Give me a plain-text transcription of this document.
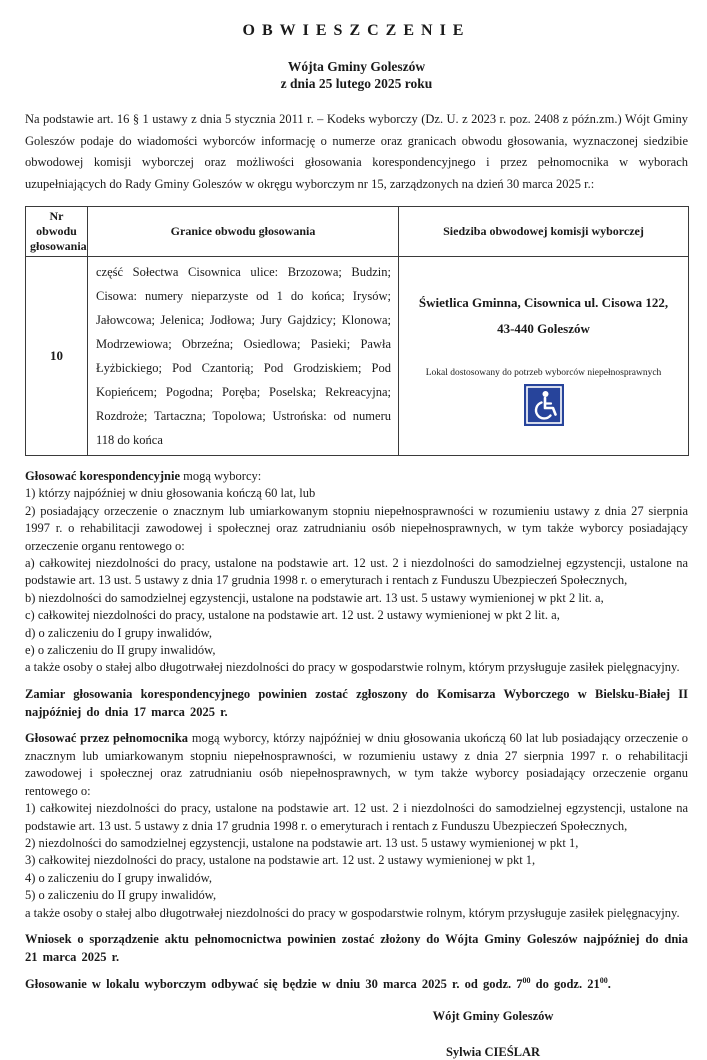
OBWIESZCZENIE
Wójta Gminy Goleszów
z dnia 25 lutego 2025 roku

Na podstawie art. 16 § 1 ustawy z dnia 5 stycznia 2011 r. – Kodeks wyborczy (Dz. U. z 2023 r. poz. 2408 z późn.zm.) Wójt Gminy Goleszów podaje do wiadomości wyborców informację o numerze oraz granicach obwodu głosowania, wyznaczonej siedzibie obwodowej komisji wyborczej oraz możliwości głosowania korespondencyjnego i przez pełnomocnika w wyborach uzupełniających do Rady Gminy Goleszów w okręgu wyborczym nr 15, zarządzonych na dzień 30 marca 2025 r.:

Nr obwodu głosowania	Granice obwodu głosowania	Siedziba obwodowej komisji wyborczej
10	część Sołectwa Cisownica ulice: Brzozowa; Budzin; Cisowa: numery nieparzyste od 1 do końca; Irysów; Jałowcowa; Jelenica; Jodłowa; Jury Gajdzicy; Klonowa; Modrzewiowa; Obrzeźna; Osiedlowa; Pasieki; Pawła Łyżbickiego; Pod Czantorią; Pod Grodziskiem; Pod Kopieńcem; Pogodna; Poręba; Poselska; Rekreacyjna; Rozdroże; Tartaczna; Topolowa; Ustrońska: od numeru 118 do końca	
Świetlica Gminna, Cisownica ul. Cisowa 122,
43-440 Goleszów
Lokal dostosowany do potrzeb wyborców niepełnosprawnych

Głosować korespondencyjnie mogą wyborcy:

1) którzy najpóźniej w dniu głosowania kończą 60 lat, lub

2) posiadający orzeczenie o znacznym lub umiarkowanym stopniu niepełnosprawności w rozumieniu ustawy z dnia 27 sierpnia 1997 r. o rehabilitacji zawodowej i społecznej oraz zatrudnianiu osób niepełnosprawnych, w tym także wyborcy posiadający orzeczenie organu rentowego o:

a) całkowitej niezdolności do pracy, ustalone na podstawie art. 12 ust. 2 i niezdolności do samodzielnej egzystencji, ustalone na podstawie art. 13 ust. 5 ustawy z dnia 17 grudnia 1998 r. o emeryturach i rentach z Funduszu Ubezpieczeń Społecznych,

b) niezdolności do samodzielnej egzystencji, ustalone na podstawie art. 13 ust. 5 ustawy wymienionej w pkt 2 lit. a,

c) całkowitej niezdolności do pracy, ustalone na podstawie art. 12 ust. 2 ustawy wymienionej w pkt 2 lit. a,

d) o zaliczeniu do I grupy inwalidów,

e) o zaliczeniu do II grupy inwalidów,

a także osoby o stałej albo długotrwałej niezdolności do pracy w gospodarstwie rolnym, którym przysługuje zasiłek pielęgnacyjny.

Zamiar głosowania korespondencyjnego powinien zostać zgłoszony do Komisarza Wyborczego w Bielsku-Białej II najpóźniej do dnia 17 marca 2025 r.

Głosować przez pełnomocnika mogą wyborcy, którzy najpóźniej w dniu głosowania ukończą 60 lat lub posiadający orzeczenie o znacznym lub umiarkowanym stopniu niepełnosprawności, w rozumieniu ustawy z dnia 27 sierpnia 1997 r. o rehabilitacji zawodowej i społecznej oraz zatrudnianiu osób niepełnosprawnych, w tym także wyborcy posiadający orzeczenie organu rentowego o:

1) całkowitej niezdolności do pracy, ustalone na podstawie art. 12 ust. 2 i niezdolności do samodzielnej egzystencji, ustalone na podstawie art. 13 ust. 5 ustawy z dnia 17 grudnia 1998 r. o emeryturach i rentach z Funduszu Ubezpieczeń Społecznych,

2) niezdolności do samodzielnej egzystencji, ustalone na podstawie art. 13 ust. 5 ustawy wymienionej w pkt 1,

3) całkowitej niezdolności do pracy, ustalone na podstawie art. 12 ust. 2 ustawy wymienionej w pkt 1,

4) o zaliczeniu do I grupy inwalidów,

5) o zaliczeniu do II grupy inwalidów,

a także osoby o stałej albo długotrwałej niezdolności do pracy w gospodarstwie rolnym, którym przysługuje zasiłek pielęgnacyjny.

Wniosek o sporządzenie aktu pełnomocnictwa powinien zostać złożony do Wójta Gminy Goleszów najpóźniej do dnia 21 marca 2025 r.

Głosowanie w lokalu wyborczym odbywać się będzie w dniu 30 marca 2025 r. od godz. $7^{00}$ do godz. $21^{00}$.

Wójt Gminy Goleszów
Sylwia CIEŚLAR
